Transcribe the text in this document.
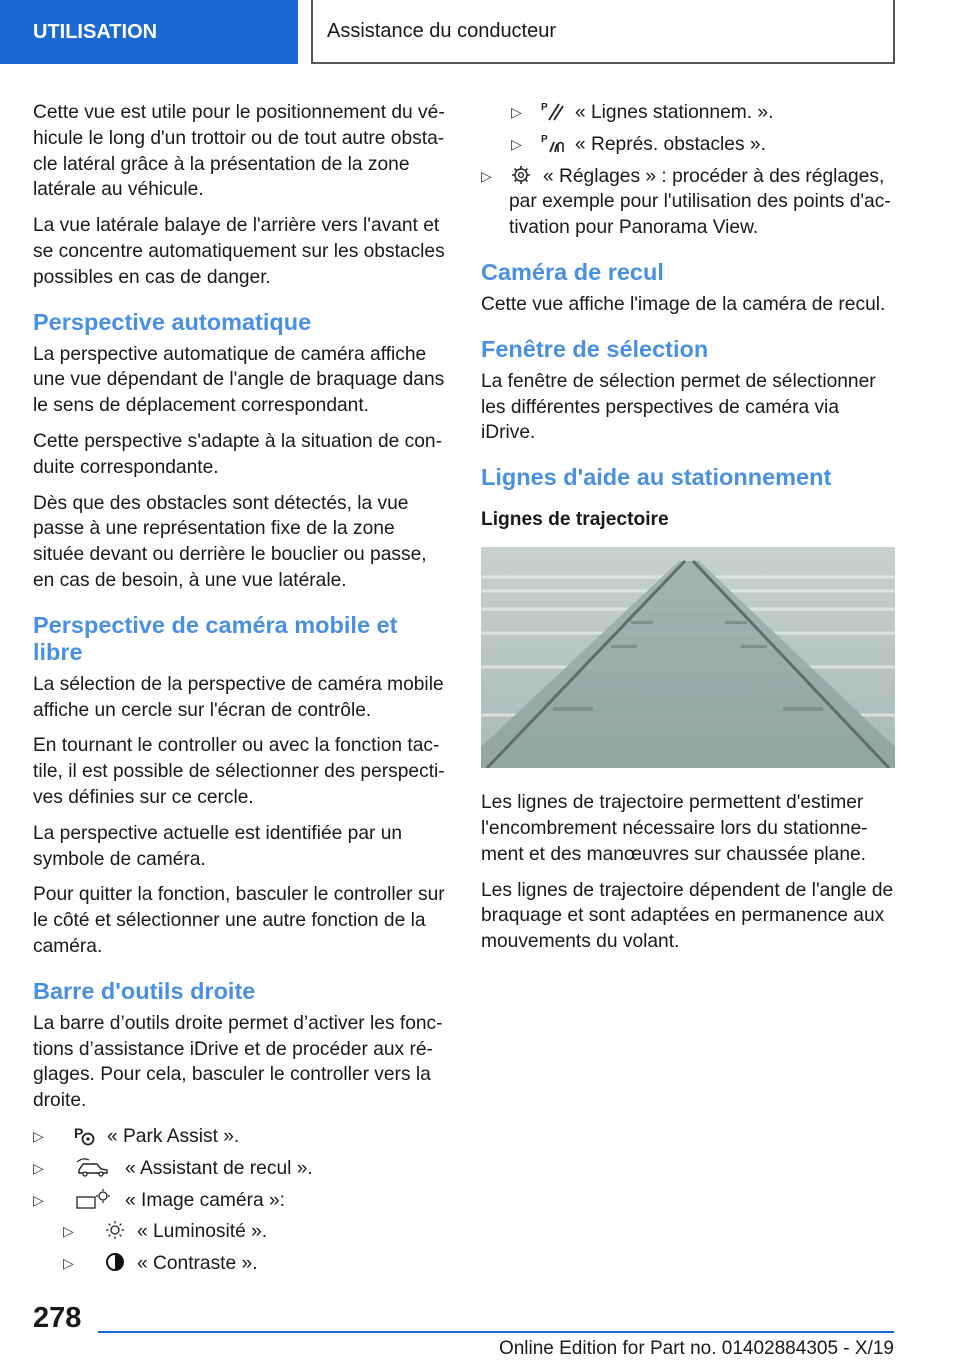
UTILISATION	Assistance du conducteur

Cette vue est utile pour le positionnement du véhicule le long d'un trottoir ou de tout autre obstacle latéral grâce à la présentation de la zone latérale au véhicule.

La vue latérale balaye de l'arrière vers l'avant et se concentre automatiquement sur les obstacles possibles en cas de danger.

Perspective automatique

La perspective automatique de caméra affiche une vue dépendant de l'angle de braquage dans le sens de déplacement correspondant.

Cette perspective s'adapte à la situation de conduite correspondante.

Dès que des obstacles sont détectés, la vue passe à une représentation fixe de la zone située devant ou derrière le bouclier ou passe, en cas de besoin, à une vue latérale.

Perspective de caméra mobile et libre

La sélection de la perspective de caméra mobile affiche un cercle sur l'écran de contrôle.

En tournant le controller ou avec la fonction tactile, il est possible de sélectionner des perspectives définies sur ce cercle.

La perspective actuelle est identifiée par un symbole de caméra.

Pour quitter la fonction, basculer le controller sur le côté et sélectionner une autre fonction de la caméra.

Barre d'outils droite

La barre d’outils droite permet d’activer les fonctions d’assistance iDrive et de procéder aux réglages. Pour cela, basculer le controller vers la droite.

▷ P « Park Assist ».
▷	« Assistant de recul ».
▷	« Image caméra »:
▷	« Luminosité ».
▷	« Contraste ».
▷ P « Lignes stationnem. ».
▷ P « Représ. obstacles ».
▷	« Réglages » : procéder à des réglages, par exemple pour l'utilisation des points d'activation pour Panorama View.
Caméra de recul

Cette vue affiche l'image de la caméra de recul.

Fenêtre de sélection

La fenêtre de sélection permet de sélectionner les différentes perspectives de caméra via iDrive.

Lignes d'aide au stationnement
Lignes de trajectoire

Les lignes de trajectoire permettent d'estimer l'encombrement nécessaire lors du stationnement et des manœuvres sur chaussée plane.

Les lignes de trajectoire dépendent de l'angle de braquage et sont adaptées en permanence aux mouvements du volant.

278
Online Edition for Part no. 01402884305 - X/19
